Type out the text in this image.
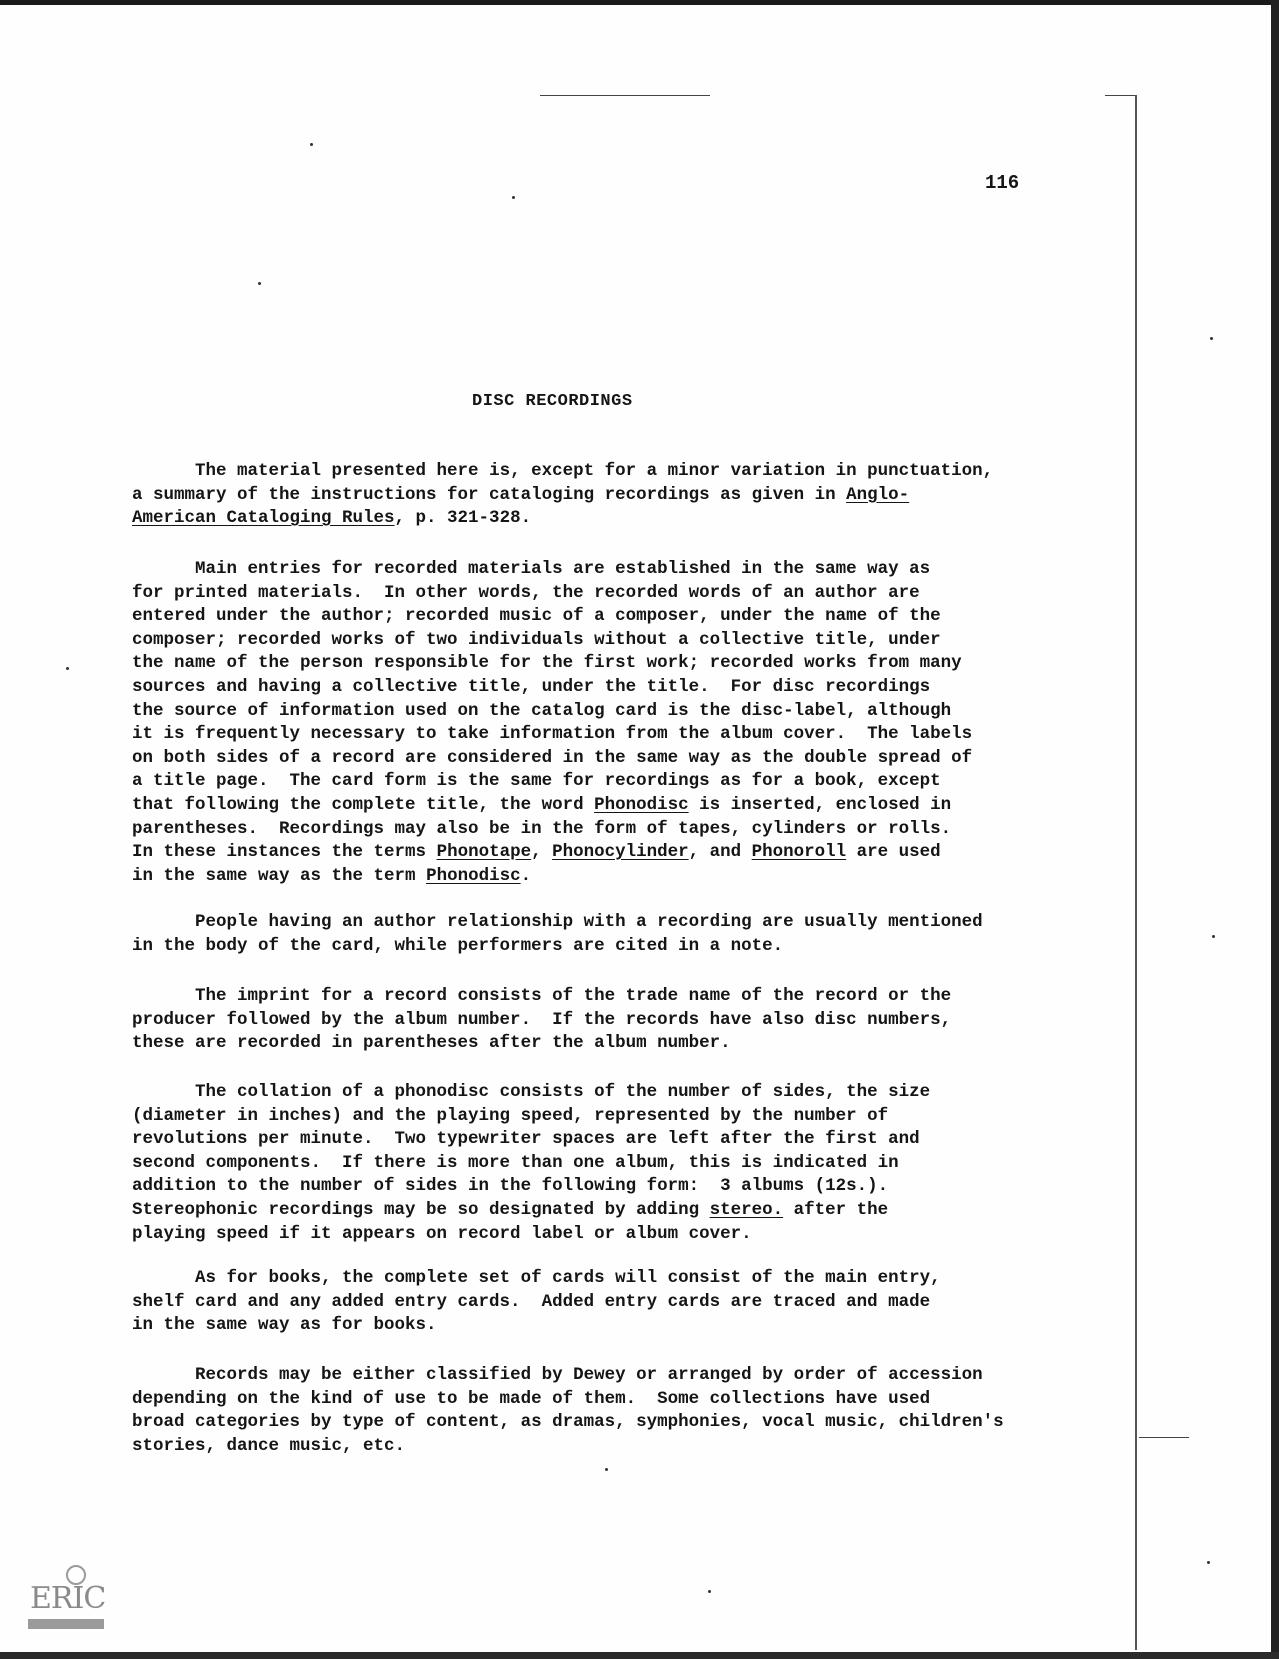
116
DISC RECORDINGS
The material presented here is, except for a minor variation in punctuation,
a summary of the instructions for cataloging recordings as given in Anglo-
American Cataloging Rules, p. 321-328.
Main entries for recorded materials are established in the same way as
for printed materials.  In other words, the recorded words of an author are
entered under the author; recorded music of a composer, under the name of the
composer; recorded works of two individuals without a collective title, under
the name of the person responsible for the first work; recorded works from many
sources and having a collective title, under the title.  For disc recordings
the source of information used on the catalog card is the disc-label, although
it is frequently necessary to take information from the album cover.  The labels
on both sides of a record are considered in the same way as the double spread of
a title page.  The card form is the same for recordings as for a book, except
that following the complete title, the word Phonodisc is inserted, enclosed in
parentheses.  Recordings may also be in the form of tapes, cylinders or rolls.
In these instances the terms Phonotape, Phonocylinder, and Phonoroll are used
in the same way as the term Phonodisc.
People having an author relationship with a recording are usually mentioned
in the body of the card, while performers are cited in a note.
The imprint for a record consists of the trade name of the record or the
producer followed by the album number.  If the records have also disc numbers,
these are recorded in parentheses after the album number.
The collation of a phonodisc consists of the number of sides, the size
(diameter in inches) and the playing speed, represented by the number of
revolutions per minute.  Two typewriter spaces are left after the first and
second components.  If there is more than one album, this is indicated in
addition to the number of sides in the following form:  3 albums (12s.).
Stereophonic recordings may be so designated by adding stereo. after the
playing speed if it appears on record label or album cover.
As for books, the complete set of cards will consist of the main entry,
shelf card and any added entry cards.  Added entry cards are traced and made
in the same way as for books.
Records may be either classified by Dewey or arranged by order of accession
depending on the kind of use to be made of them.  Some collections have used
broad categories by type of content, as dramas, symphonies, vocal music, children's
stories, dance music, etc.
ERIC
